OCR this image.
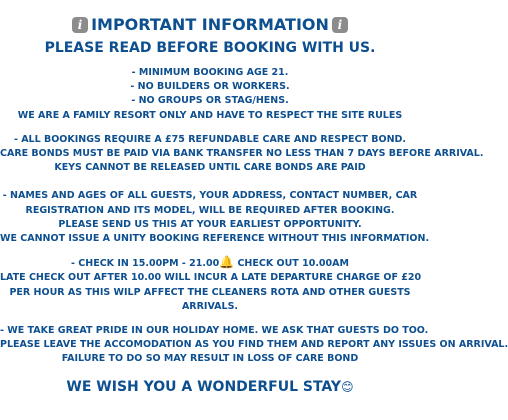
i IMPORTANT INFORMATION i
PLEASE READ BEFORE BOOKING WITH US.
- MINIMUM BOOKING AGE 21.
- NO BUILDERS OR WORKERS.
- NO GROUPS OR STAG/HENS.
WE ARE A FAMILY RESORT ONLY AND HAVE TO RESPECT THE SITE RULES
- ALL BOOKINGS REQUIRE A £75 REFUNDABLE CARE AND RESPECT BOND.
CARE BONDS MUST BE PAID VIA BANK TRANSFER NO LESS THAN 7 DAYS BEFORE ARRIVAL.
KEYS CANNOT BE RELEASED UNTIL CARE BONDS ARE PAID
- NAMES AND AGES OF ALL GUESTS, YOUR ADDRESS, CONTACT NUMBER, CAR
REGISTRATION AND ITS MODEL, WILL BE REQUIRED AFTER BOOKING.
PLEASE SEND US THIS AT YOUR EARLIEST OPPORTUNITY.
WE CANNOT ISSUE A UNITY BOOKING REFERENCE WITHOUT THIS INFORMATION.
- CHECK IN 15.00PM - 21.00🔔 CHECK OUT 10.00AM
LATE CHECK OUT AFTER 10.00 WILL INCUR A LATE DEPARTURE CHARGE OF £20
PER HOUR AS THIS WILP AFFECT THE CLEANERS ROTA AND OTHER GUESTS
ARRIVALS.
- WE TAKE GREAT PRIDE IN OUR HOLIDAY HOME. WE ASK THAT GUESTS DO TOO.
PLEASE LEAVE THE ACCOMODATION AS YOU FIND THEM AND REPORT ANY ISSUES ON ARRIVAL.
FAILURE TO DO SO MAY RESULT IN LOSS OF CARE BOND
WE WISH YOU A WONDERFUL STAY😊
